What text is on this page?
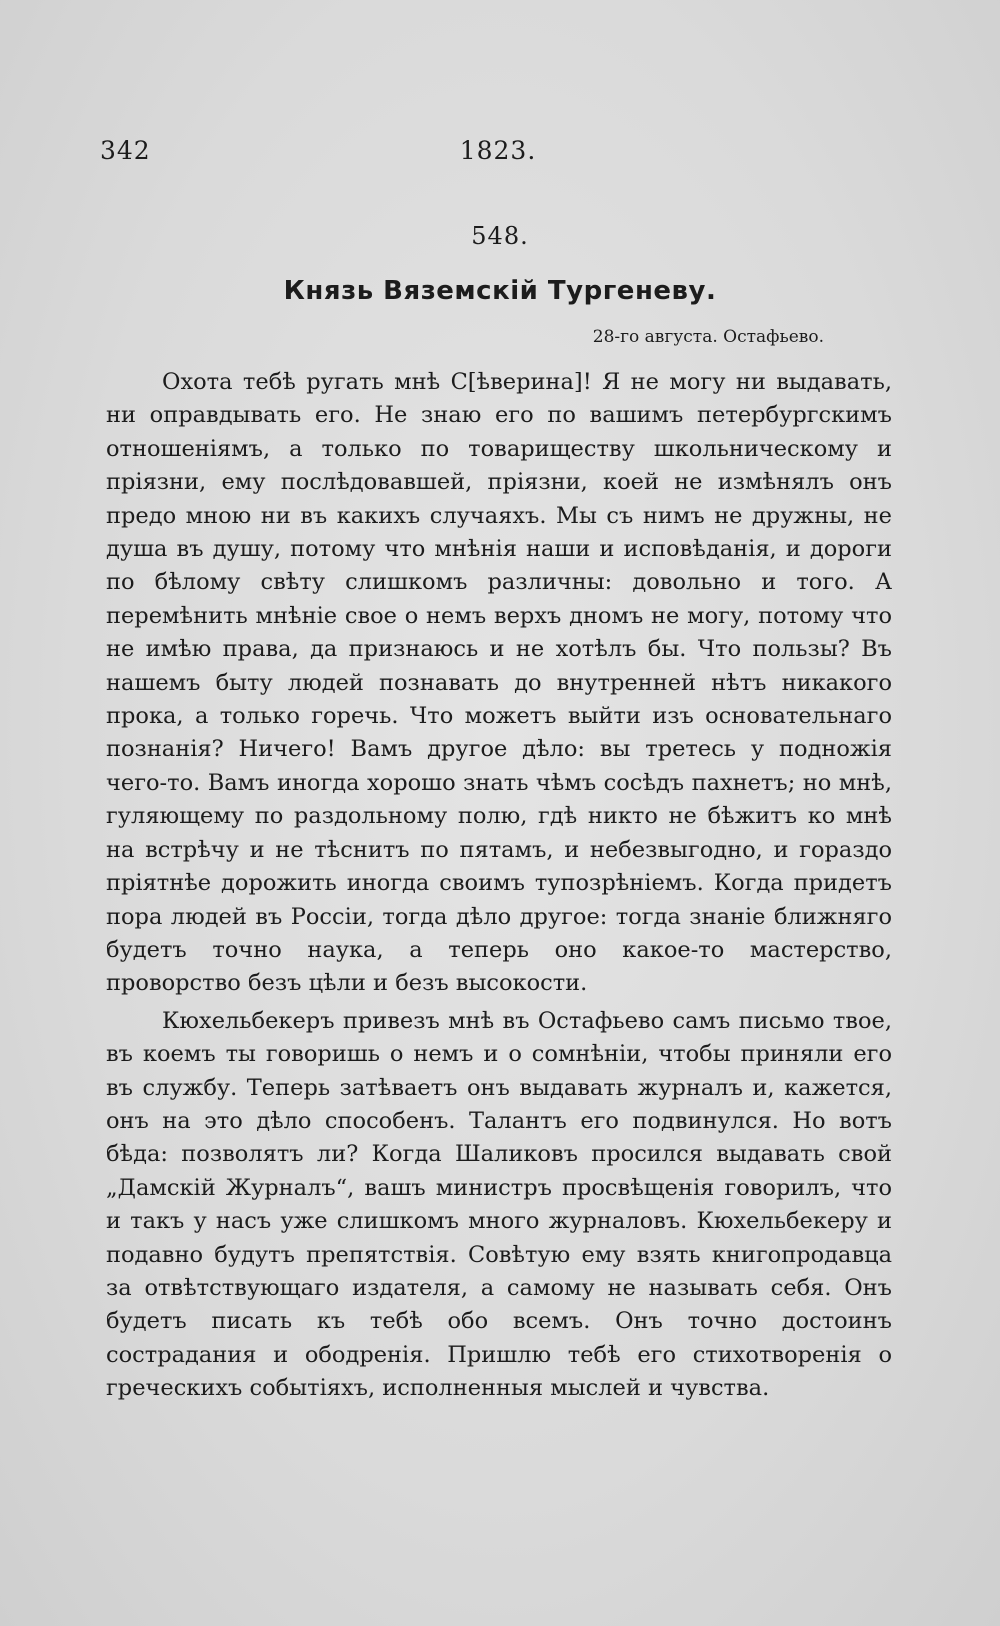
342	1823.
548.
Князь Вяземскій Тургеневу.
28-го августа. Остафьево.

Охота тебѣ ругать мнѣ С[ѣверина]! Я не могу ни выдавать, ни оправдывать его. Не знаю его по вашимъ петербургскимъ отношеніямъ, а только по товариществу школьническому и пріязни, ему послѣдовавшей, пріязни, коей не измѣнялъ онъ предо мною ни въ какихъ случаяхъ. Мы съ нимъ не дружны, не душа въ душу, потому что мнѣнія наши и исповѣданія, и дороги по бѣлому свѣту слишкомъ различны: довольно и того. А перемѣнить мнѣніе свое о немъ верхъ дномъ не могу, потому что не имѣю права, да признаюсь и не хотѣлъ бы. Что пользы? Въ нашемъ быту людей познавать до внутренней нѣтъ никакого прока, а только горечь. Что можетъ выйти изъ основательнаго познанія? Ничего! Вамъ другое дѣло: вы третесь у подножія чего-то. Вамъ иногда хорошо знать чѣмъ сосѣдъ пахнетъ; но мнѣ, гуляющему по раздольному полю, гдѣ никто не бѣжитъ ко мнѣ на встрѣчу и не тѣснитъ по пятамъ, и небезвыгодно, и гораздо пріятнѣе дорожить иногда своимъ тупозрѣніемъ. Когда придетъ пора людей въ Россіи, тогда дѣло другое: тогда знаніе ближняго будетъ точно наука, а теперь оно какое-то мастерство, проворство безъ цѣли и безъ высокости.

Кюхельбекеръ привезъ мнѣ въ Остафьево самъ письмо твое, въ коемъ ты говоришь о немъ и о сомнѣніи, чтобы приняли его въ службу. Теперь затѣваетъ онъ выдавать журналъ и, кажется, онъ на это дѣло способенъ. Талантъ его подвинулся. Но вотъ бѣда: позволятъ ли? Когда Шаликовъ просился выдавать свой „Дамскій Журналъ“, вашъ министръ просвѣщенія говорилъ, что и такъ у насъ уже слишкомъ много журналовъ. Кюхельбекеру и подавно будутъ препятствія. Совѣтую ему взять книгопродавца за отвѣтствующаго издателя, а самому не называть себя. Онъ будетъ писать къ тебѣ обо всемъ. Онъ точно достоинъ сострадания и ободренія. Пришлю тебѣ его стихотворенія о греческихъ событіяхъ, исполненныя мыслей и чувства.
